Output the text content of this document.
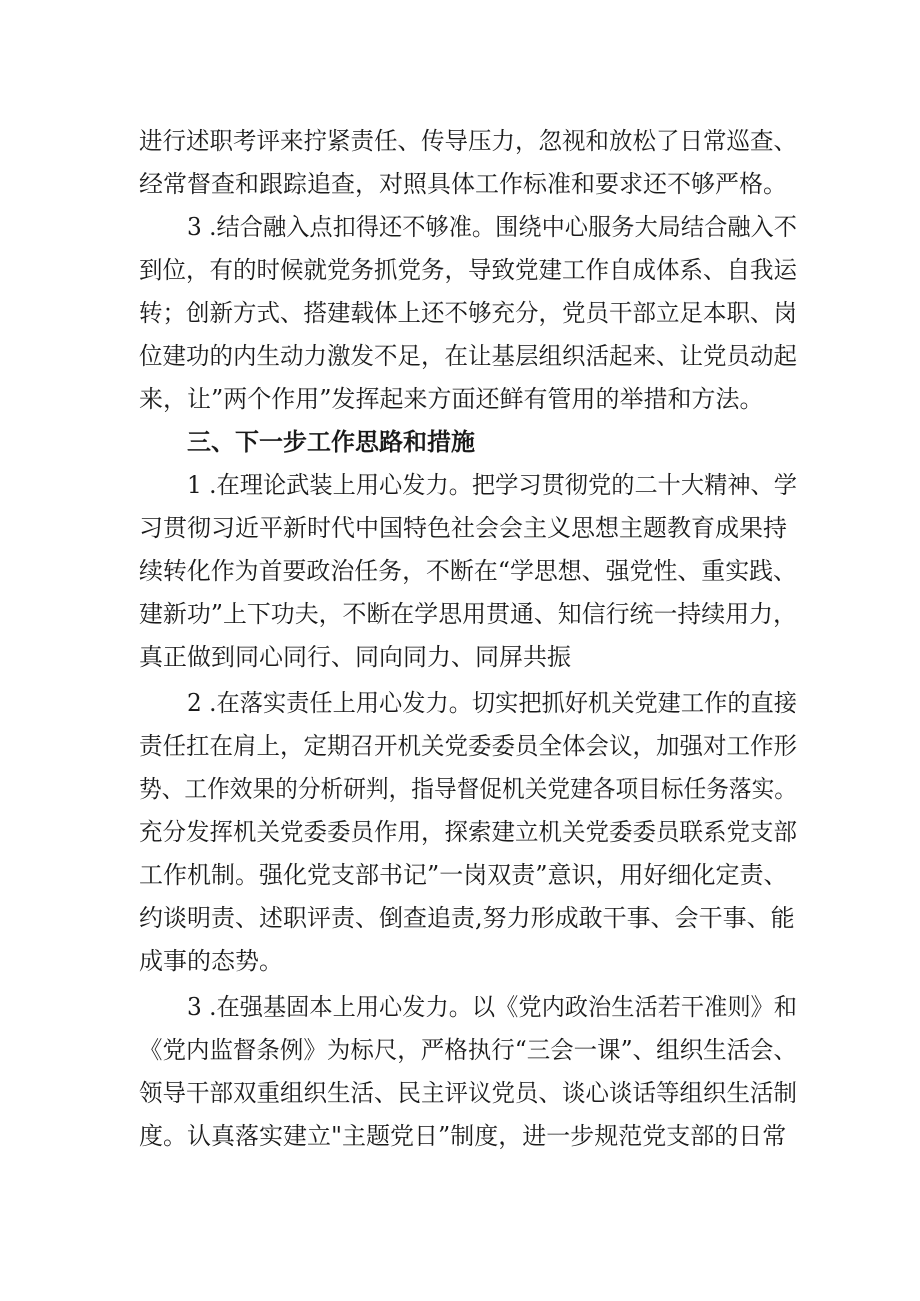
进行述职考评来拧紧责任、传导压力，忽视和放松了日常巡查、
经常督查和跟踪追查，对照具体工作标准和要求还不够严格。
3 .结合融入点扣得还不够准。围绕中心服务大局结合融入不
到位，有的时候就党务抓党务，导致党建工作自成体系、自我运
转；创新方式、搭建载体上还不够充分，党员干部立足本职、岗
位建功的内生动力激发不足，在让基层组织活起来、让党员动起
来，让”两个作用”发挥起来方面还鲜有管用的举措和方法。
三、下一步工作思路和措施
1 .在理论武装上用心发力。把学习贯彻党的二十大精神、学
习贯彻习近平新时代中国特色社会会主义思想主题教育成果持
续转化作为首要政治任务，不断在“学思想、强党性、重实践、
建新功”上下功夫，不断在学思用贯通、知信行统一持续用力，
真正做到同心同行、同向同力、同屏共振
2 .在落实责任上用心发力。切实把抓好机关党建工作的直接
责任扛在肩上，定期召开机关党委委员全体会议，加强对工作形
势、工作效果的分析研判，指导督促机关党建各项目标任务落实。
充分发挥机关党委委员作用，探索建立机关党委委员联系党支部
工作机制。强化党支部书记”一岗双责”意识，用好细化定责、
约谈明责、述职评责、倒查追责,努力形成敢干事、会干事、能
成事的态势。
3 .在强基固本上用心发力。以《党内政治生活若干准则》和
《党内监督条例》为标尺，严格执行“三会一课”、组织生活会、
领导干部双重组织生活、民主评议党员、谈心谈话等组织生活制
度。认真落实建立"主题党日”制度，进一步规范党支部的日常
